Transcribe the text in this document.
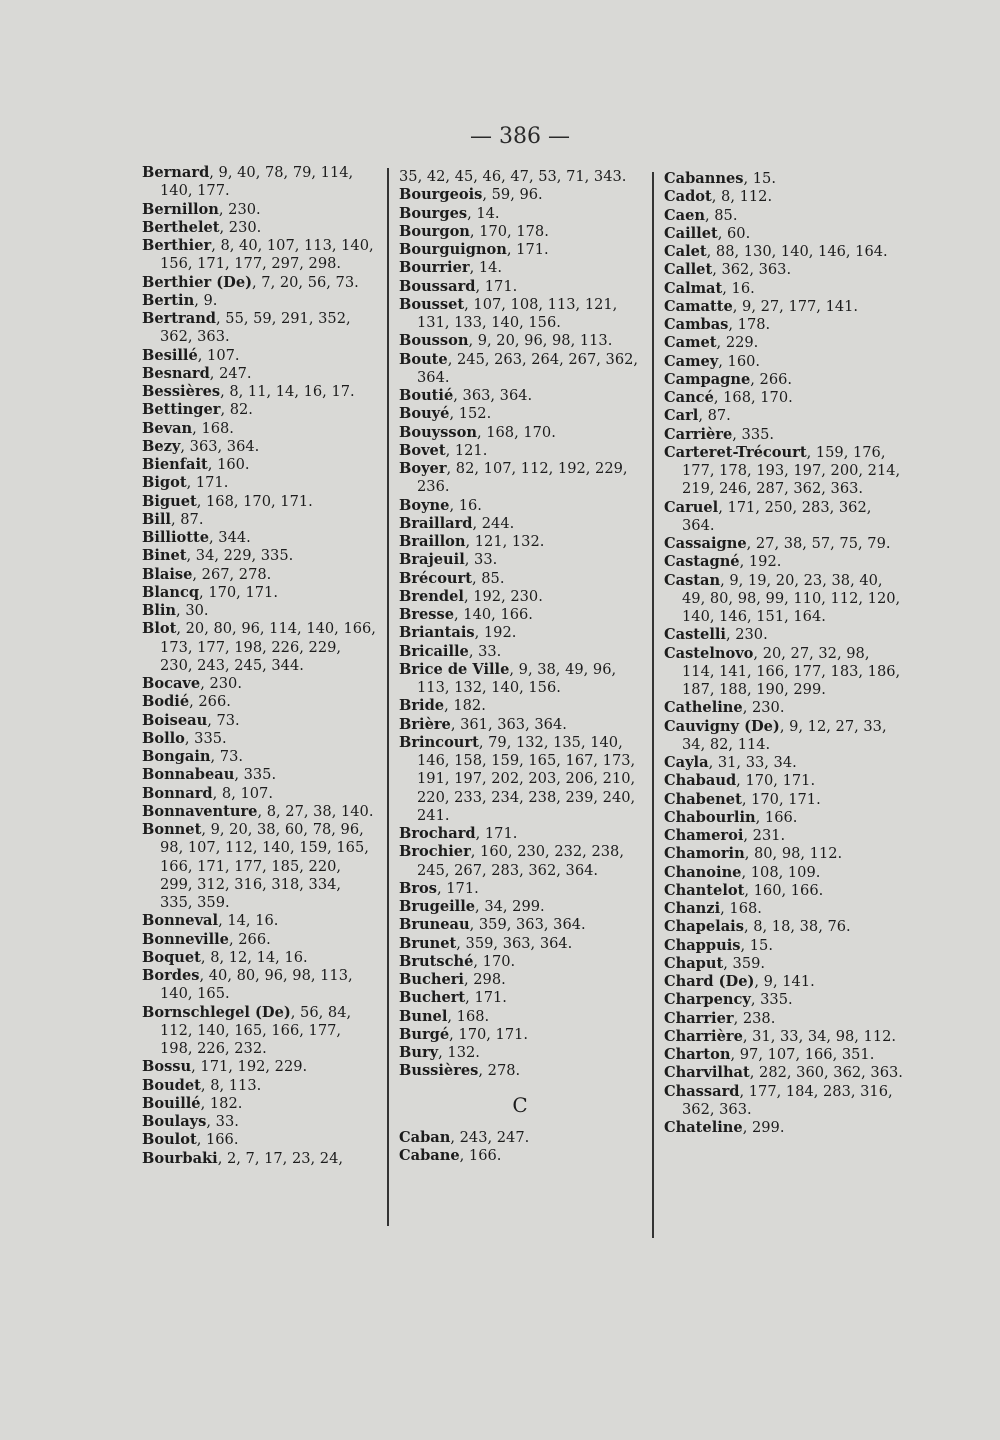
— 386 —

Bernard, 9, 40, 78, 79, 114, 140, 177.

Bernillon, 230.

Berthelet, 230.

Berthier, 8, 40, 107, 113, 140, 156, 171, 177, 297, 298.

Berthier (De), 7, 20, 56, 73.

Bertin, 9.

Bertrand, 55, 59, 291, 352, 362, 363.

Besillé, 107.

Besnard, 247.

Bessières, 8, 11, 14, 16, 17.

Bettinger, 82.

Bevan, 168.

Bezy, 363, 364.

Bienfait, 160.

Bigot, 171.

Biguet, 168, 170, 171.

Bill, 87.

Billiotte, 344.

Binet, 34, 229, 335.

Blaise, 267, 278.

Blancq, 170, 171.

Blin, 30.

Blot, 20, 80, 96, 114, 140, 166, 173, 177, 198, 226, 229, 230, 243, 245, 344.

Bocave, 230.

Bodié, 266.

Boiseau, 73.

Bollo, 335.

Bongain, 73.

Bonnabeau, 335.

Bonnard, 8, 107.

Bonnaventure, 8, 27, 38, 140.

Bonnet, 9, 20, 38, 60, 78, 96, 98, 107, 112, 140, 159, 165, 166, 171, 177, 185, 220, 299, 312, 316, 318, 334, 335, 359.

Bonneval, 14, 16.

Bonneville, 266.

Boquet, 8, 12, 14, 16.

Bordes, 40, 80, 96, 98, 113, 140, 165.

Bornschlegel (De), 56, 84, 112, 140, 165, 166, 177, 198, 226, 232.

Bossu, 171, 192, 229.

Boudet, 8, 113.

Bouillé, 182.

Boulays, 33.

Boulot, 166.

Bourbaki, 2, 7, 17, 23, 24,

35, 42, 45, 46, 47, 53, 71, 343.

Bourgeois, 59, 96.

Bourges, 14.

Bourgon, 170, 178.

Bourguignon, 171.

Bourrier, 14.

Boussard, 171.

Bousset, 107, 108, 113, 121, 131, 133, 140, 156.

Bousson, 9, 20, 96, 98, 113.

Boute, 245, 263, 264, 267, 362, 364.

Boutié, 363, 364.

Bouyé, 152.

Bouysson, 168, 170.

Bovet, 121.

Boyer, 82, 107, 112, 192, 229, 236.

Boyne, 16.

Braillard, 244.

Braillon, 121, 132.

Brajeuil, 33.

Brécourt, 85.

Brendel, 192, 230.

Bresse, 140, 166.

Briantais, 192.

Bricaille, 33.

Brice de Ville, 9, 38, 49, 96, 113, 132, 140, 156.

Bride, 182.

Brière, 361, 363, 364.

Brincourt, 79, 132, 135, 140, 146, 158, 159, 165, 167, 173, 191, 197, 202, 203, 206, 210, 220, 233, 234, 238, 239, 240, 241.

Brochard, 171.

Brochier, 160, 230, 232, 238, 245, 267, 283, 362, 364.

Bros, 171.

Brugeille, 34, 299.

Bruneau, 359, 363, 364.

Brunet, 359, 363, 364.

Brutsché, 170.

Bucheri, 298.

Buchert, 171.

Bunel, 168.

Burgé, 170, 171.

Bury, 132.

Bussières, 278.

C

Caban, 243, 247.

Cabane, 166.

Cabannes, 15.

Cadot, 8, 112.

Caen, 85.

Caillet, 60.

Calet, 88, 130, 140, 146, 164.

Callet, 362, 363.

Calmat, 16.

Camatte, 9, 27, 177, 141.

Cambas, 178.

Camet, 229.

Camey, 160.

Campagne, 266.

Cancé, 168, 170.

Carl, 87.

Carrière, 335.

Carteret-Trécourt, 159, 176, 177, 178, 193, 197, 200, 214, 219, 246, 287, 362, 363.

Caruel, 171, 250, 283, 362, 364.

Cassaigne, 27, 38, 57, 75, 79.

Castagné, 192.

Castan, 9, 19, 20, 23, 38, 40, 49, 80, 98, 99, 110, 112, 120, 140, 146, 151, 164.

Castelli, 230.

Castelnovo, 20, 27, 32, 98, 114, 141, 166, 177, 183, 186, 187, 188, 190, 299.

Catheline, 230.

Cauvigny (De), 9, 12, 27, 33, 34, 82, 114.

Cayla, 31, 33, 34.

Chabaud, 170, 171.

Chabenet, 170, 171.

Chabourlin, 166.

Chameroi, 231.

Chamorin, 80, 98, 112.

Chanoine, 108, 109.

Chantelot, 160, 166.

Chanzi, 168.

Chapelais, 8, 18, 38, 76.

Chappuis, 15.

Chaput, 359.

Chard (De), 9, 141.

Charpency, 335.

Charrier, 238.

Charrière, 31, 33, 34, 98, 112.

Charton, 97, 107, 166, 351.

Charvilhat, 282, 360, 362, 363.

Chassard, 177, 184, 283, 316, 362, 363.

Chateline, 299.
